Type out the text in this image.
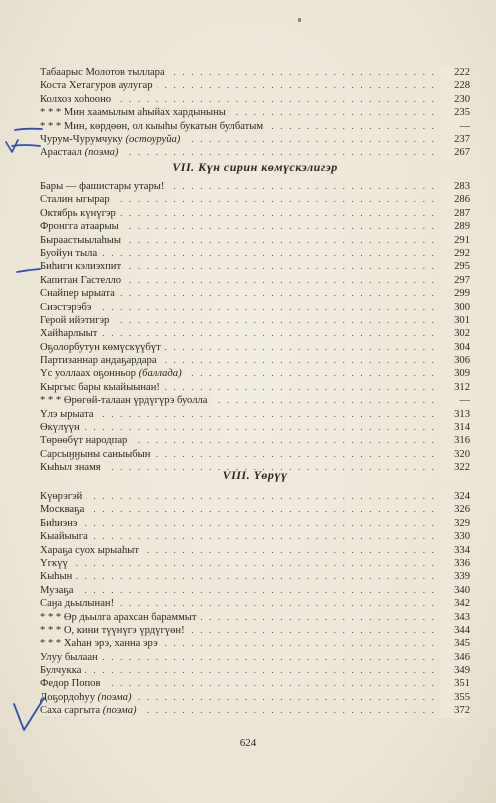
. . .
Табаарыс Молотов тыллара	222
. . .
Коста Хетагуров аулугар	228
. . .
Колхоз хоһооно	230
. . .
* * * Мин хаамылым аһыйах хардыныны	235
. . .
* * * Мин, көрдөөн, ол кыыһы букатын булбатым	—
. . .
Чурум-Чурумчуку (остоуруйа)	237
. . .
Арастаал (поэма)	267
VII. Күн сирин көмүскэлигэр
. . .
Бары — фашистары утары!	283
. . .
Сталин ыгырар	286
. . .
Октябрь күнүгэр	287
. . .
Фронгга атаарыы	289
. . .
Быраастыылаһыы	291
. . .
Буойун тыла	292
. . .
Биһиги кэлиэхпит	295
. . .
Капитан Гастелло	297
. . .
Снайпер ырыата	299
. . .
Сиэстэрэбэ	300
. . .
Герой ийэтигэр	301
. . .
Хайһарлыыт	302
. . .
Оҕолорбутун көмүскүүбүт	304
. . .
Партизаннар андаҕардара	306
. . .
Үс уоллаах оҕонньор (баллада)	309
. . .
Кыргыс бары кыайыынан!	312
. . .
* * * Өрөгөй-талаан үрдүгүрэ буолла	—
. . .
Үлэ ырыата	313
. . .
Өкүлүүн	314
. . .
Төрөөбүт народпар	316
. . .
Сарсыӈӈыны саныыбын	320
. . .
Кыһыл знамя	322
VIII. Үөрүү
. . .
Күөрэгэй	324
. . .
Москваҕа	326
. . .
Биһиэнэ	329
. . .
Кыайыыга	330
. . .
Хараҕа суох ырыаһыт	334
. . .
Үгкүү	336
. . .
Кыһын	339
. . .
Музаҕа	340
. . .
Саӈа дьылынан!	342
. . .
* * * Өр дьылга арахсан бараммыт	343
. . .
* * * О, кини түүнүгэ үрдүгүөн!	344
. . .
* * * Хаһан эрэ, ханна эрэ	345
. . .
Улуу былаан	346
. . .
Булчукка	349
. . .
Федор Попов	351
. . .
Доҕордоһуу (поэма)	355
. . .
Саха саргыта (поэма)	372
624
